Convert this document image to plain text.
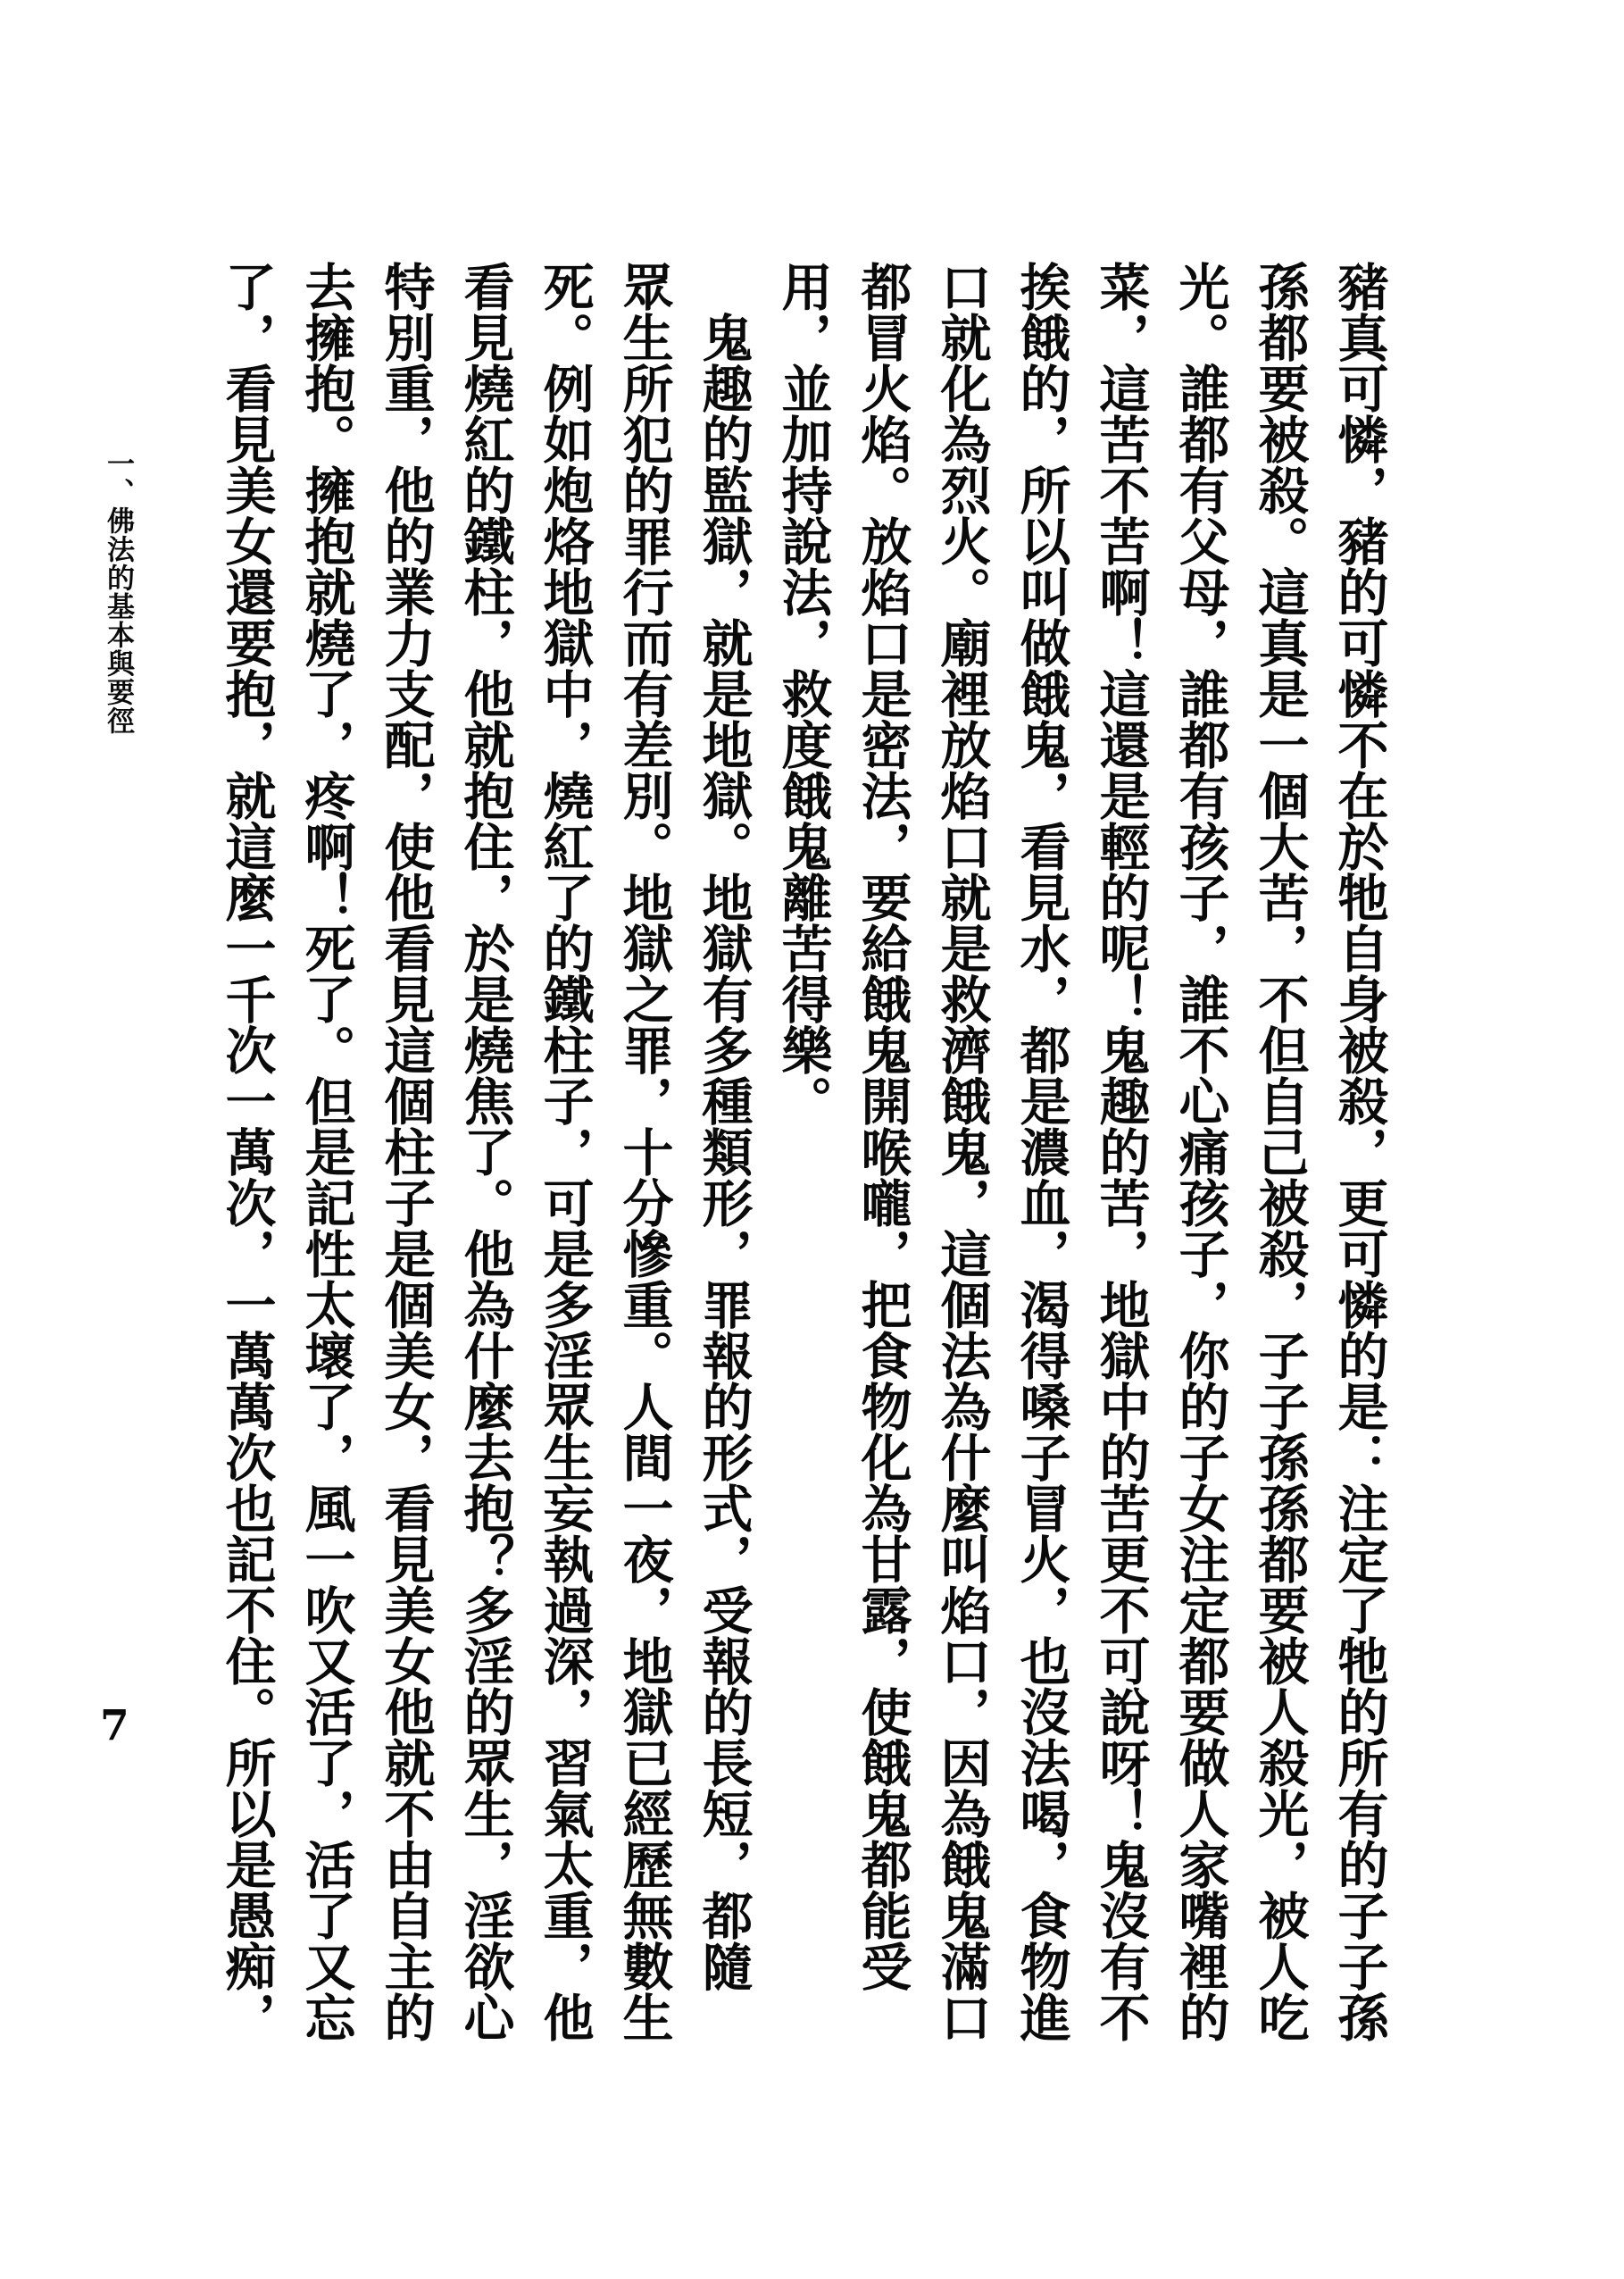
豬真可憐，豬的可憐不在於牠自身被殺，更可憐的是：注定了牠的所有的子子孫

孫都要被殺。這真是一個大苦，不但自己被殺，子子孫孫都要被人殺光，被人吃

光。誰都有父母，誰都有孩子，誰不心痛孩子，你的子女注定都要做人家嘴裡的

菜，這苦不苦啊！這還是輕的呢！鬼趣的苦，地獄中的苦更不可說呀！鬼沒有不

挨餓的，所以叫做餓鬼，看見水，都是濃血，渴得嗓子冒火，也沒法喝，食物進

口就化為烈火。廟裡放焰口就是救濟餓鬼，這個法為什麼叫焰口，因為餓鬼滿口

都冒火焰。放焰口是密法，要給餓鬼開喉嚨，把食物化為甘露，使餓鬼都能受

用，並加持說法，救度餓鬼離苦得樂。

鬼趣的監獄，就是地獄。地獄有多種類形，罪報的形式，受報的長短，都隨

眾生所犯的罪行而有差別。地獄之罪，十分慘重。人間一夜，地獄已經歷無數生

死。例如炮烙地獄中，燒紅了的鐵柱子，可是多淫眾生妄執過深，習氣太重，他

看見燒紅的鐵柱，他就抱住，於是燒焦了。他為什麼去抱？多淫的眾生，淫欲心

特別重，他的業力支配，使他看見這個柱子是個美女，看見美女他就不由自主的

去擁抱。擁抱就燒了，疼啊！死了。但是記性太壞了，風一吹又活了，活了又忘

了，看見美女還要抱，就這麼一千次一萬次，一萬萬次也記不住。所以是愚痴，

一、佛法的基本與要徑
7
